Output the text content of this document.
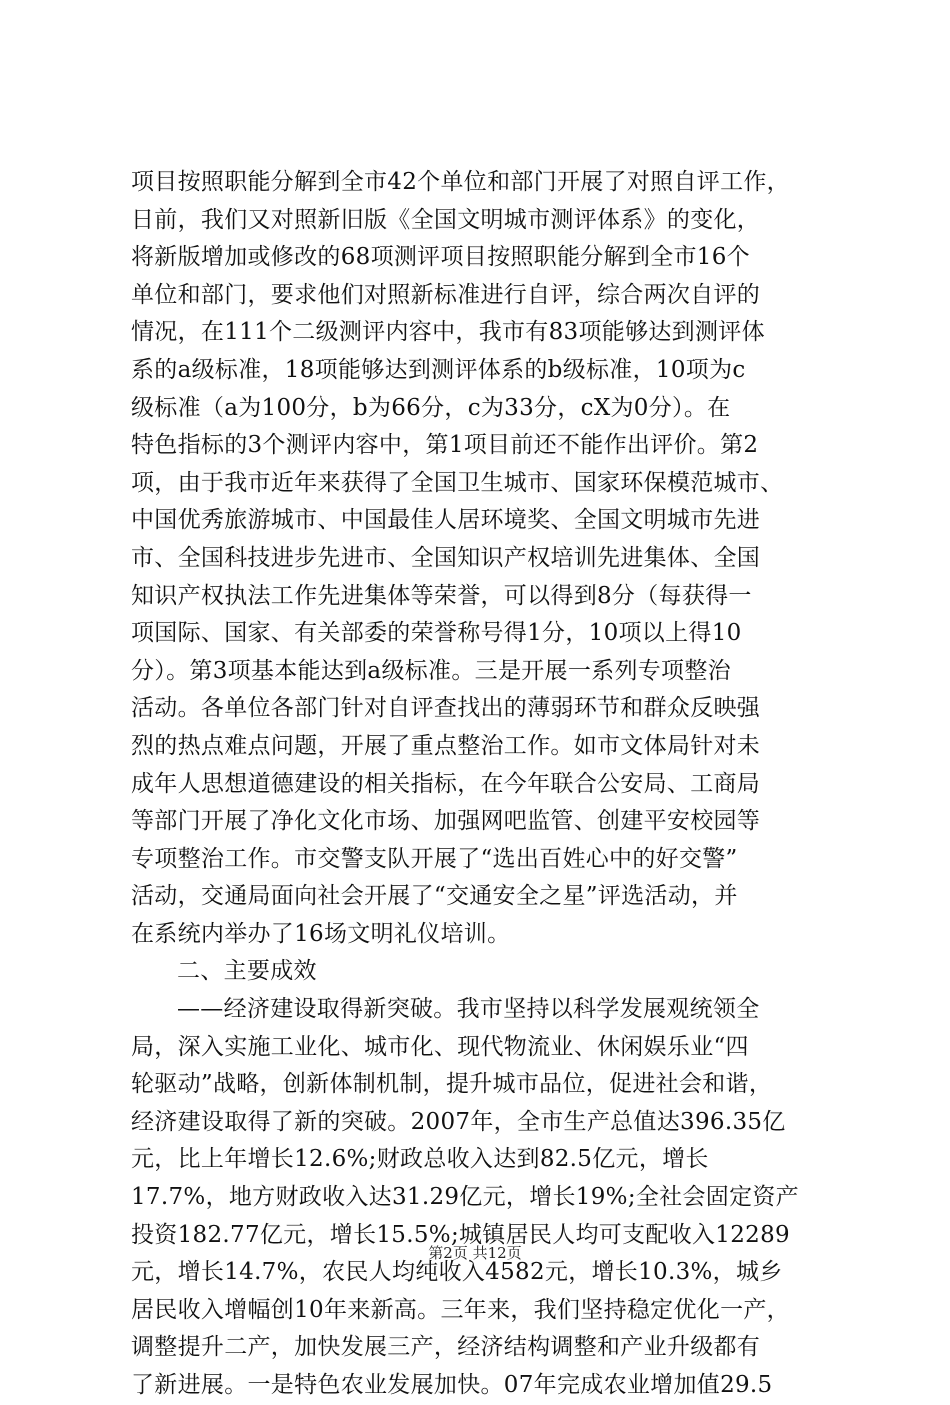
项目按照职能分解到全市42个单位和部门开展了对照自评工作，
日前，我们又对照新旧版《全国文明城市测评体系》的变化，
将新版增加或修改的68项测评项目按照职能分解到全市16个
单位和部门，要求他们对照新标准进行自评，综合两次自评的
情况，在111个二级测评内容中，我市有83项能够达到测评体
系的a级标准，18项能够达到测评体系的b级标准，10项为c
级标准（a为100分，b为66分，c为33分，cX为0分）。在
特色指标的3个测评内容中，第1项目前还不能作出评价。第2
项，由于我市近年来获得了全国卫生城市、国家环保模范城市、
中国优秀旅游城市、中国最佳人居环境奖、全国文明城市先进
市、全国科技进步先进市、全国知识产权培训先进集体、全国
知识产权执法工作先进集体等荣誉，可以得到8分（每获得一
项国际、国家、有关部委的荣誉称号得1分，10项以上得10
分）。第3项基本能达到a级标准。三是开展一系列专项整治
活动。各单位各部门针对自评查找出的薄弱环节和群众反映强
烈的热点难点问题，开展了重点整治工作。如市文体局针对未
成年人思想道德建设的相关指标，在今年联合公安局、工商局
等部门开展了净化文化市场、加强网吧监管、创建平安校园等
专项整治工作。市交警支队开展了“选出百姓心中的好交警”
活动，交通局面向社会开展了“交通安全之星”评选活动，并
在系统内举办了16场文明礼仪培训。
二、主要成效
——经济建设取得新突破。我市坚持以科学发展观统领全
局，深入实施工业化、城市化、现代物流业、休闲娱乐业“四
轮驱动”战略，创新体制机制，提升城市品位，促进社会和谐，
经济建设取得了新的突破。2007年，全市生产总值达396.35亿
元，比上年增长12.6%;财政总收入达到82.5亿元，增长
17.7%，地方财政收入达31.29亿元，增长19%;全社会固定资产
投资182.77亿元，增长15.5%;城镇居民人均可支配收入12289
元，增长14.7%，农民人均纯收入4582元，增长10.3%，城乡
居民收入增幅创10年来新高。三年来，我们坚持稳定优化一产，
调整提升二产，加快发展三产，经济结构调整和产业升级都有
了新进展。一是特色农业发展加快。07年完成农业增加值29.5
第2页 共12页
